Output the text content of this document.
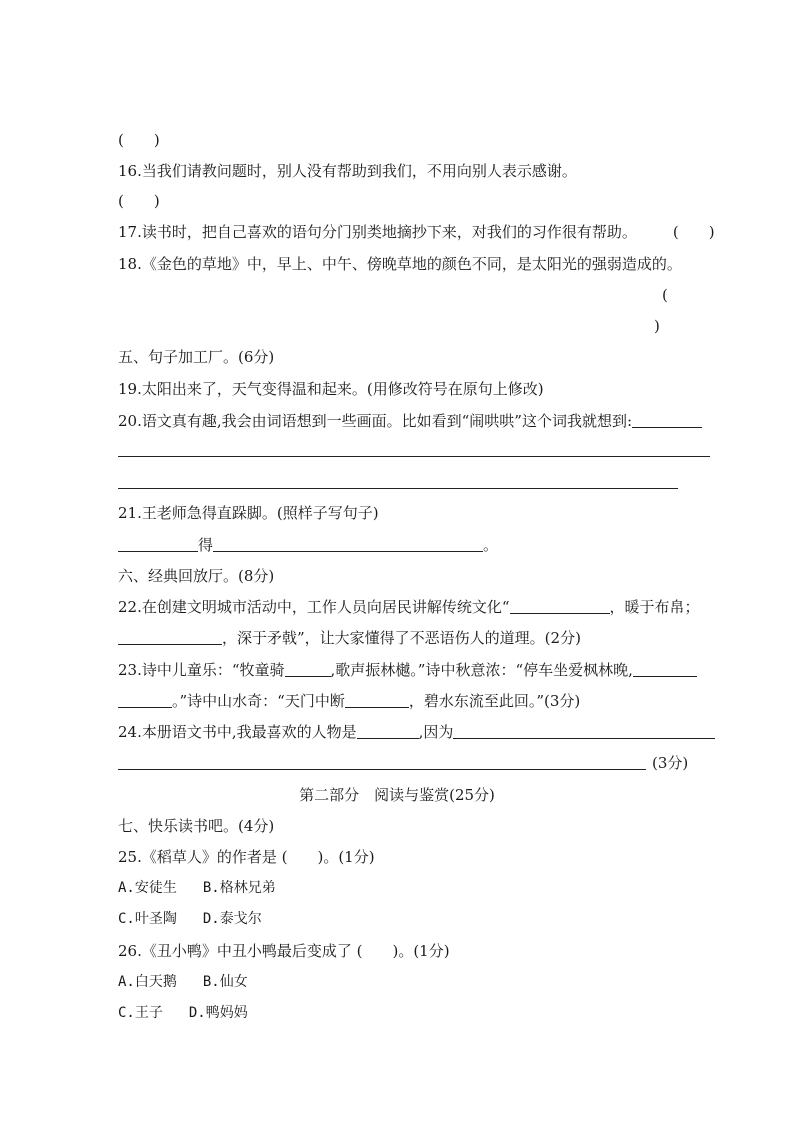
(　　)
16.当我们请教问题时，别人没有帮助到我们，不用向别人表示感谢。
(　　)
17.读书时，把自己喜欢的语句分门别类地摘抄下来，对我们的习作很有帮助。 (　　)
18.《金色的草地》中，早上、中午、傍晚草地的颜色不同，是太阳光的强弱造成的。
(
)
五、句子加工厂。(6分)
19.太阳出来了，天气变得温和起来。(用修改符号在原句上修改)
20.语文真有趣,我会由词语想到一些画面。比如看到“闹哄哄”这个词我就想到:
21.王老师急得直跺脚。(照样子写句子)
得	。
六、经典回放厅。(8分)
22.在创建文明城市活动中，工作人员向居民讲解传统文化“	，暖于布帛；
，深于矛戟”，让大家懂得了不恶语伤人的道理。(2分)
23.诗中儿童乐：“牧童骑	,歌声振林樾。”诗中秋意浓：“停车坐爱枫林晚,
。”诗中山水奇：“天门中断	，碧水东流至此回。”(3分)
24.本册语文书中,我最喜欢的人物是	,因为
(3分)
第二部分　阅读与鉴赏(25分)
七、快乐读书吧。(4分)
25.《稻草人》的作者是 (　　)。(1分)
A.安徒生 B.格林兄弟
C.叶圣陶 D.泰戈尔
26.《丑小鸭》中丑小鸭最后变成了 (　　)。(1分)
A.白天鹅 B.仙女
C.王子 D.鸭妈妈
